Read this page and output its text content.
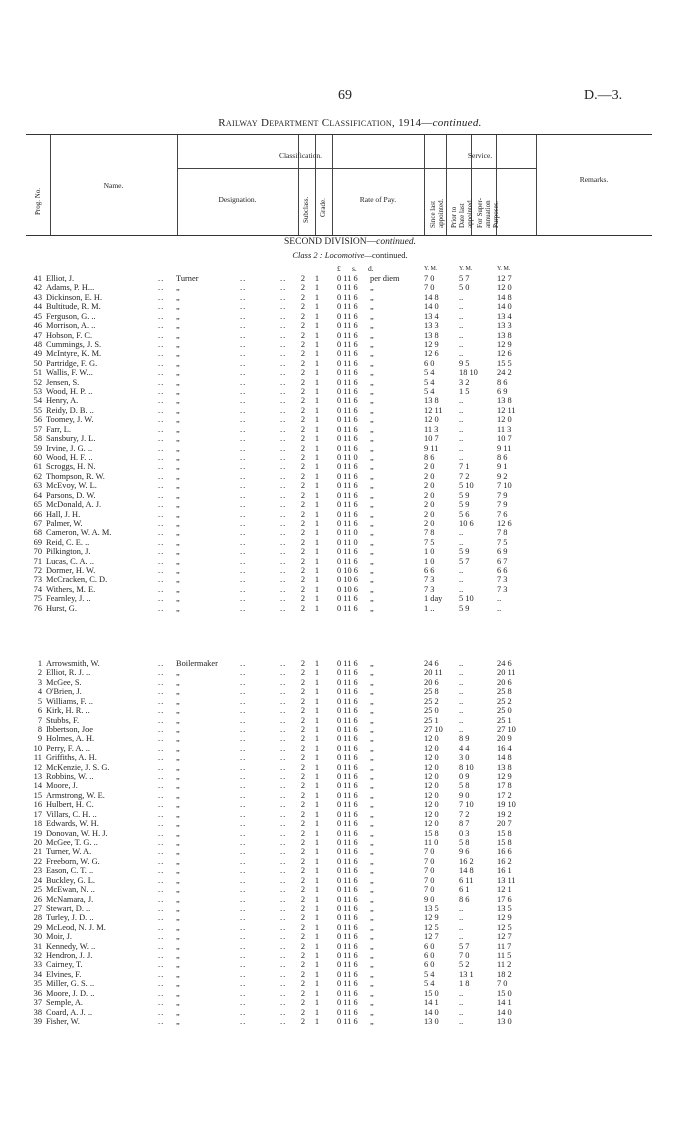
69	D.—3.
Railway Department Classification, 1914—continued.
Prog. No.
Name.
Classification.
Designation.	Subclass. Grade.	Rate of Pay.
Service.
Since last
appointed. Prior to
Date last
appointed. For Super-
annuation
Purposes.
Remarks.
SECOND DIVISION—continued.
Class 2 : Locomotive—continued.
£ s. d.	Y. M.	Y. M.	Y. M.
41 Elliot, J.	.. Turner	..	.. 2 1 0 11 6 per diem	7 0	5 7	12 7
42 Adams, P. H...	.. „	..	.. 2 1 0 11 6 „	7 0	5 0	12 0
43 Dickinson, E. H.	.. „	..	.. 2 1 0 11 6 „	14 8	..	14 8
44 Bultitude, R. M.	.. „	..	.. 2 1 0 11 6 „	14 0	..	14 0
45 Ferguson, G. ..	.. „	..	.. 2 1 0 11 6 „	13 4	..	13 4
46 Morrison, A. ..	.. „	..	.. 2 1 0 11 6 „	13 3	..	13 3
47 Hobson, F. C.	.. „	..	.. 2 1 0 11 6 „	13 8	..	13 8
48 Cummings, J. S.	.. „	..	.. 2 1 0 11 6 „	12 9	..	12 9
49 McIntyre, K. M.	.. „	..	.. 2 1 0 11 6 „	12 6	..	12 6
50 Partridge, F. G.	.. „	..	.. 2 1 0 11 6 „	6 0	9 5	15 5
51 Wallis, F. W...	.. „	..	.. 2 1 0 11 6 „	5 4	18 10	24 2
52 Jensen, S.	.. „	..	.. 2 1 0 11 6 „	5 4	3 2	8 6
53 Wood, H. P. ..	.. „	..	.. 2 1 0 11 6 „	5 4	1 5	6 9
54 Henry, A.	.. „	..	.. 2 1 0 11 6 „	13 8	..	13 8
55 Reidy, D. B. ..	.. „	..	.. 2 1 0 11 6 „	12 11	..	12 11
56 Toomey, J. W.	.. „	..	.. 2 1 0 11 6 „	12 0	..	12 0
57 Farr, L.	.. „	..	.. 2 1 0 11 6 „	11 3	..	11 3
58 Sansbury, J. L.	.. „	..	.. 2 1 0 11 6 „	10 7	..	10 7
59 Irvine, J. G. ..	.. „	..	.. 2 1 0 11 6 „	9 11	..	9 11
60 Wood, H. F. ..	.. „	..	.. 2 1 0 11 0 „	8 6	..	8 6
61 Scroggs, H. N.	.. „	..	.. 2 1 0 11 6 „	2 0	7 1	9 1
62 Thompson, R. W.	.. „	..	.. 2 1 0 11 6 „	2 0	7 2	9 2
63 McEvoy, W. L.	.. „	..	.. 2 1 0 11 6 „	2 0	5 10	7 10
64 Parsons, D. W.	.. „	..	.. 2 1 0 11 6 „	2 0	5 9	7 9
65 McDonald, A. J.	.. „	..	.. 2 1 0 11 6 „	2 0	5 9	7 9
66 Hall, J. H.	.. „	..	.. 2 1 0 11 6 „	2 0	5 6	7 6
67 Palmer, W.	.. „	..	.. 2 1 0 11 6 „	2 0	10 6	12 6
68 Cameron, W. A. M.	.. „	..	.. 2 1 0 11 0 „	7 8	..	7 8
69 Reid, C. E. ..	.. „	..	.. 2 1 0 11 0 „	7 5	..	7 5
70 Pilkington, J.	.. „	..	.. 2 1 0 11 6 „	1 0	5 9	6 9
71 Lucas, C. A. ..	.. „	..	.. 2 1 0 11 6 „	1 0	5 7	6 7
72 Dormer, H. W.	.. „	..	.. 2 1 0 10 6 „	6 6	..	6 6
73 McCracken, C. D.	.. „	..	.. 2 1 0 10 6 „	7 3	..	7 3
74 Withers, M. E.	.. „	..	.. 2 1 0 10 6 „	7 3	..	7 3
75 Fearnley, J. ..	.. „	..	.. 2 1 0 11 6 „	1 day	5 10	..
76 Hurst, G.	.. „	..	.. 2 1 0 11 6 „	1 ..	5 9	..
1 Arrowsmith, W.	.. Boilermaker	..	.. 2 1 0 11 6 „	24 6	..	24 6
2 Elliot, R. J. ..	.. „	..	.. 2 1 0 11 6 „	20 11	..	20 11
3 McGee, S.	.. „	..	.. 2 1 0 11 6 „	20 6	..	20 6
4 O'Brien, J.	.. „	..	.. 2 1 0 11 6 „	25 8	..	25 8
5 Williams, F. ..	.. „	..	.. 2 1 0 11 6 „	25 2	..	25 2
6 Kirk, H. R. ..	.. „	..	.. 2 1 0 11 6 „	25 0	..	25 0
7 Stubbs, F.	.. „	..	.. 2 1 0 11 6 „	25 1	..	25 1
8 Ibbertson, Joe	.. „	..	.. 2 1 0 11 6 „	27 10	..	27 10
9 Holmes, A. H.	.. „	..	.. 2 1 0 11 6 „	12 0	8 9	20 9
10 Perry, F. A. ..	.. „	..	.. 2 1 0 11 6 „	12 0	4 4	16 4
11 Griffiths, A. H.	.. „	..	.. 2 1 0 11 6 „	12 0	3 0	14 8
12 McKenzie, J. S. G.	.. „	..	.. 2 1 0 11 6 „	12 0	8 10	13 8
13 Robbins, W. ..	.. „	..	.. 2 1 0 11 6 „	12 0	0 9	12 9
14 Moore, J.	.. „	..	.. 2 1 0 11 6 „	12 0	5 8	17 8
15 Armstrong, W. E.	.. „	..	.. 2 1 0 11 6 „	12 0	9 0	17 2
16 Hulbert, H. C.	.. „	..	.. 2 1 0 11 6 „	12 0	7 10	19 10
17 Villars, C. H. ..	.. „	..	.. 2 1 0 11 6 „	12 0	7 2	19 2
18 Edwards, W. H.	.. „	..	.. 2 1 0 11 6 „	12 0	8 7	20 7
19 Donovan, W. H. J.	.. „	..	.. 2 1 0 11 6 „	15 8	0 3	15 8
20 McGee, T. G. ..	.. „	..	.. 2 1 0 11 6 „	11 0	5 8	15 8
21 Turner, W. A.	.. „	..	.. 2 1 0 11 6 „	7 0	9 6	16 6
22 Freeborn, W. G.	.. „	..	.. 2 1 0 11 6 „	7 0	16 2	16 2
23 Eason, C. T. ..	.. „	..	.. 2 1 0 11 6 „	7 0	14 8	16 1
24 Buckley, G. L.	.. „	..	.. 2 1 0 11 6 „	7 0	6 11	13 11
25 McEwan, N. ..	.. „	..	.. 2 1 0 11 6 „	7 0	6 1	12 1
26 McNamara, J.	.. „	..	.. 2 1 0 11 6 „	9 0	8 6	17 6
27 Stewart, D. ..	.. „	..	.. 2 1 0 11 6 „	13 5	..	13 5
28 Turley, J. D. ..	.. „	..	.. 2 1 0 11 6 „	12 9	..	12 9
29 McLeod, N. J. M.	.. „	..	.. 2 1 0 11 6 „	12 5	..	12 5
30 Moir, J.	.. „	..	.. 2 1 0 11 6 „	12 7	..	12 7
31 Kennedy, W. ..	.. „	..	.. 2 1 0 11 6 „	6 0	5 7	11 7
32 Hendron, J. J.	.. „	..	.. 2 1 0 11 6 „	6 0	7 0	11 5
33 Cairney, T.	.. „	..	.. 2 1 0 11 6 „	6 0	5 2	11 2
34 Elvines, F.	.. „	..	.. 2 1 0 11 6 „	5 4	13 1	18 2
35 Miller, G. S. ..	.. „	..	.. 2 1 0 11 6 „	5 4	1 8	7 0
36 Moore, J. D. ..	.. „	..	.. 2 1 0 11 6 „	15 0	..	15 0
37 Semple, A.	.. „	..	.. 2 1 0 11 6 „	14 1	..	14 1
38 Coard, A. J. ..	.. „	..	.. 2 1 0 11 6 „	14 0	..	14 0
39 Fisher, W.	.. „	..	.. 2 1 0 11 6 „	13 0	..	13 0
